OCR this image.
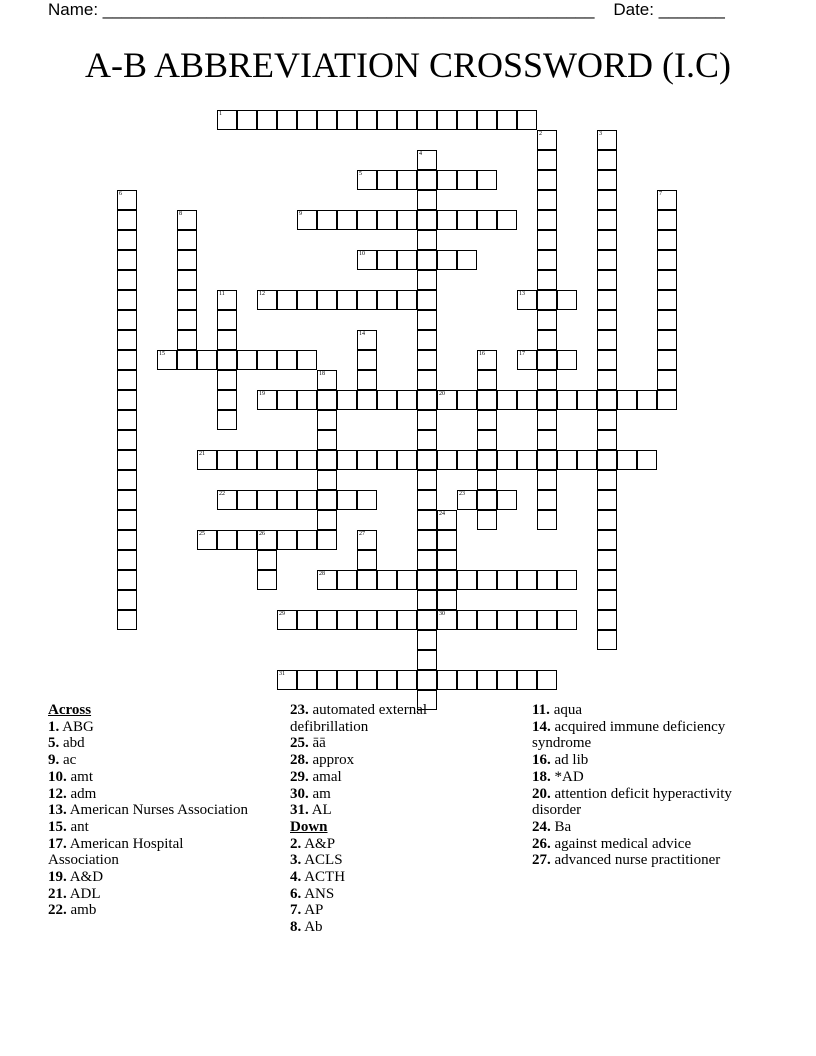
Name: ____________________________________________________ Date: _______
A-B ABBREVIATION CROSSWORD (I.C)
1
2	3
4
5
6	7
8	9
10
11	12	13
14
15	16	17
18
19	20
21
22	23
24
25	26	27
28
29	30
31
Across
1. ABG
5. abd
9. ac
10. amt
12. adm
13. American Nurses Association
15. ant
17. American Hospital Association
19. A&D
21. ADL
22. amb
23. automated external defibrillation
25. āā
28. approx
29. amal
30. am
31. AL
Down
2. A&P
3. ACLS
4. ACTH
6. ANS
7. AP
8. Ab
11. aqua
14. acquired immune deficiency syndrome
16. ad lib
18. *AD
20. attention deficit hyperactivity disorder
24. Ba
26. against medical advice
27. advanced nurse practitioner
